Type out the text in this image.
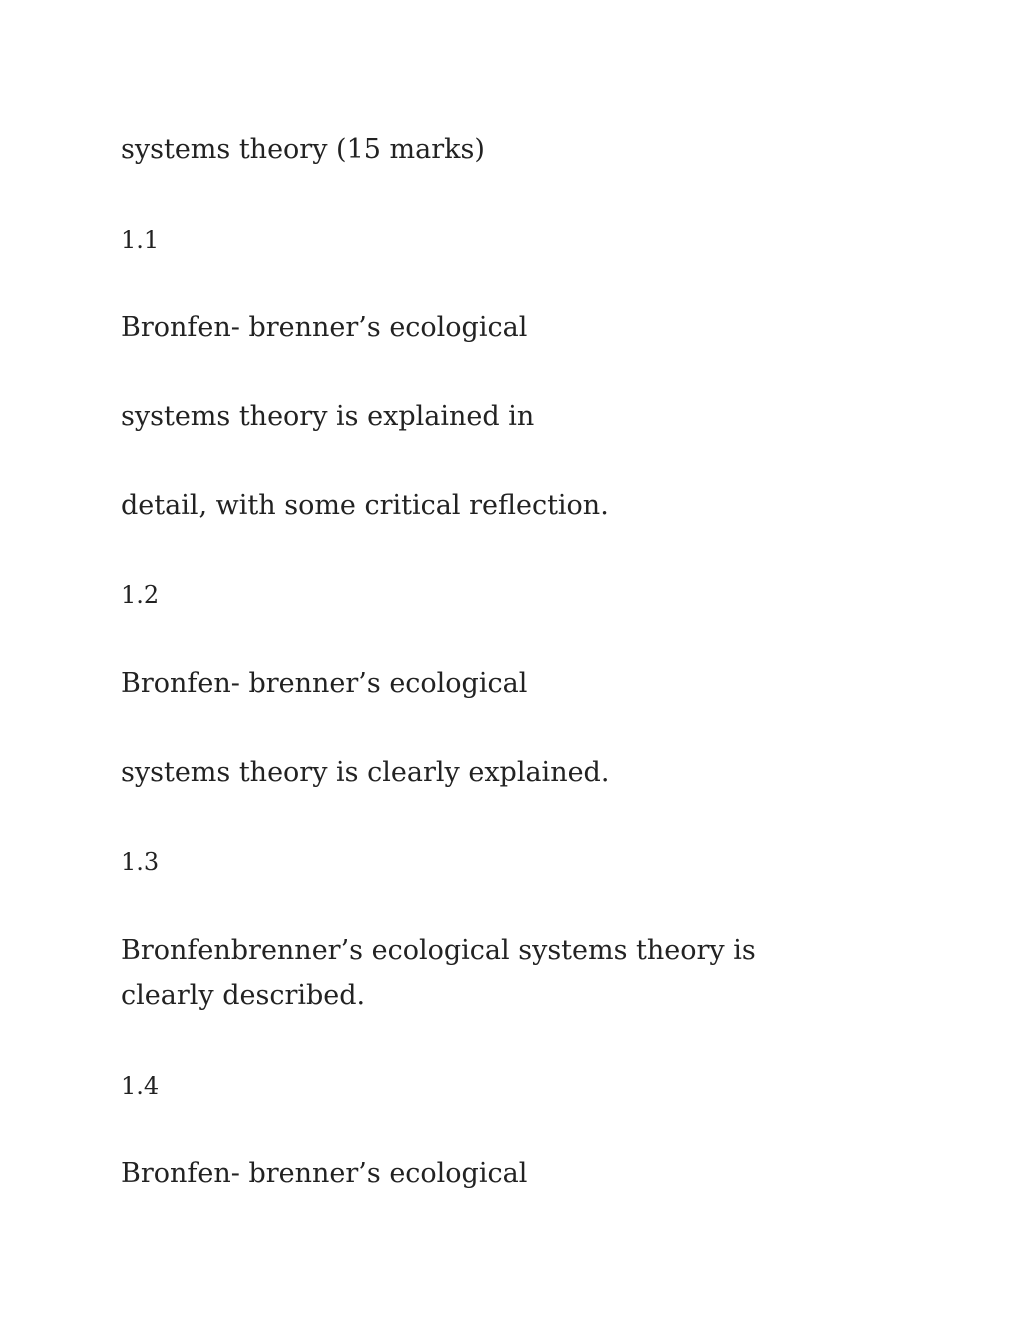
systems theory (15 marks)
1.1
Bronfen- brenner’s ecological
systems theory is explained in
detail, with some critical reflection.
1.2
Bronfen- brenner’s ecological
systems theory is clearly explained.
1.3
Bronfenbrenner’s ecological systems theory is clearly described.
1.4
Bronfen- brenner’s ecological
